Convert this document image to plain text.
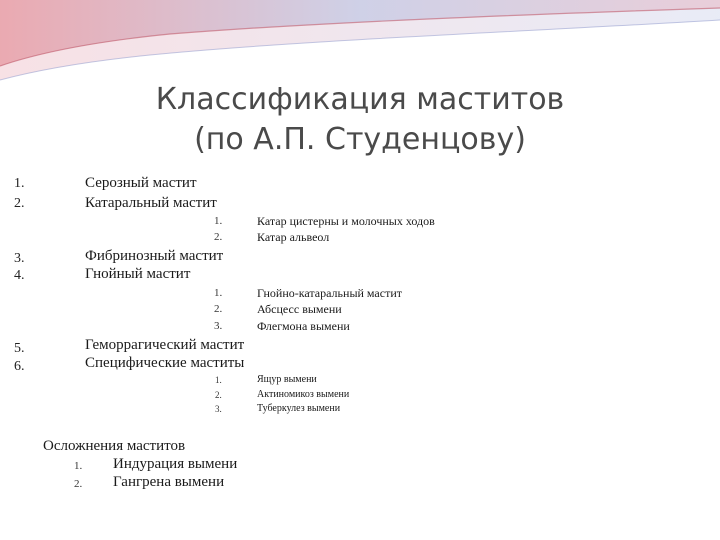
Классификация маститов
(по А.П. Студенцову)
1.	Серозный мастит
2.	Катаральный мастит
1.	Катар цистерны и молочных ходов
2.	Катар альвеол
3.	Фибринозный мастит
4.	Гнойный мастит
1.	Гнойно-катаральный мастит
2.	Абсцесс вымени
3.	Флегмона вымени
5.	Геморрагический мастит
6.	Специфические маститы
1.	Ящур вымени
2.	Актиномикоз вымени
3.	Туберкулез вымени
Осложнения маститов
1. Индурация вымени
2. Гангрена вымени
